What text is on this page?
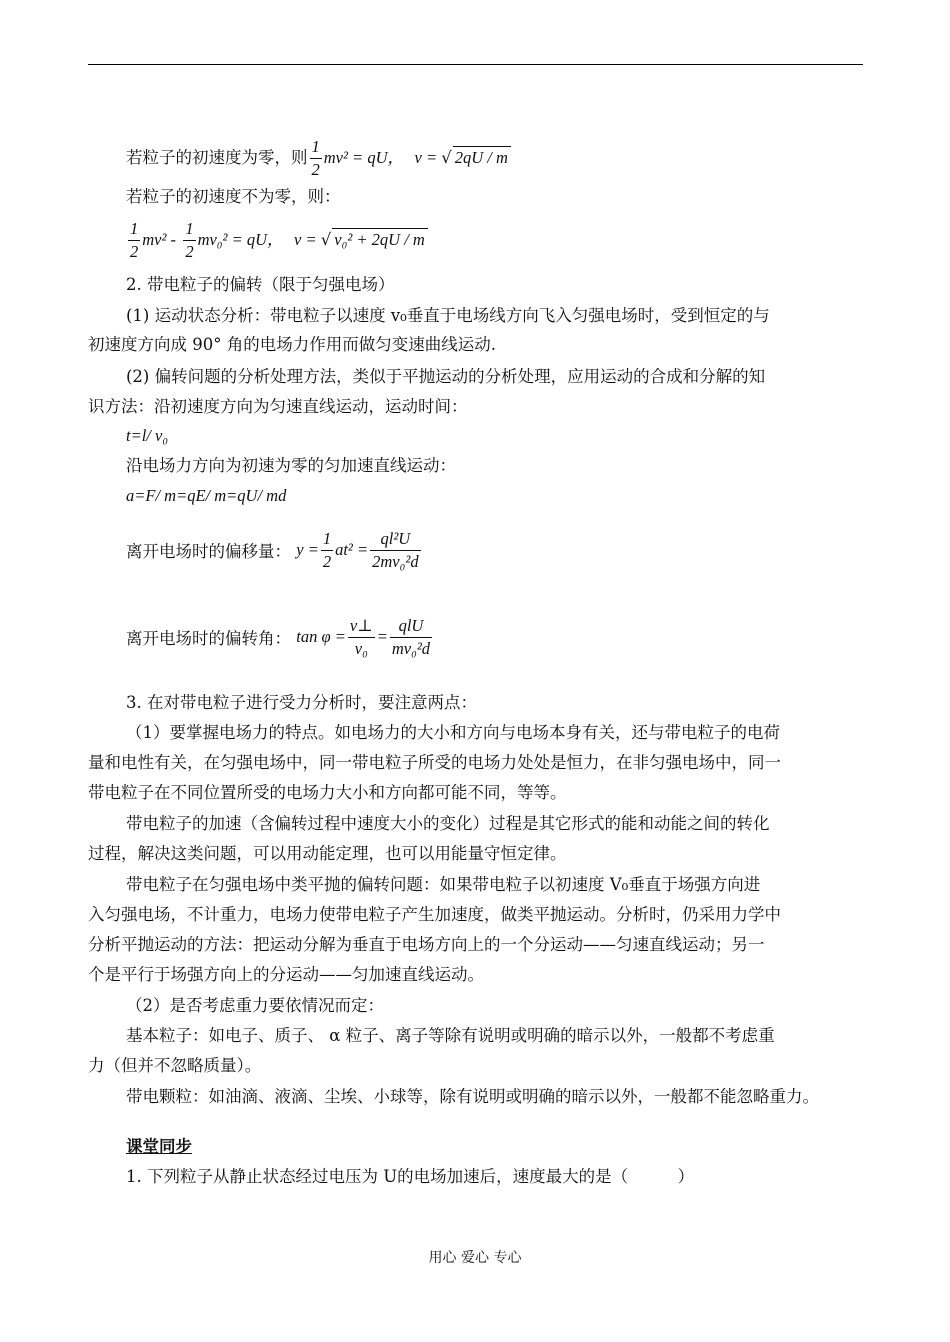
若粒子的初速度为零，则 $\frac{1}{2} mv^2$ = qU， v = √ 2qU / m
若粒子的初速度不为零，则：
$\frac{1}{2} mv^2 - \frac{1}{2} mv_0^2$ = qU， v = √ v₀² + 2qU / m
2. 带电粒子的偏转（限于匀强电场）
(1) 运动状态分析：带电粒子以速度 v₀垂直于电场线方向飞入匀强电场时，受到恒定的与
初速度方向成 90° 角的电场力作用而做匀变速曲线运动.
(2) 偏转问题的分析处理方法，类似于平抛运动的分析处理，应用运动的合成和分解的知
识方法：沿初速度方向为匀速直线运动，运动时间：
t=l/ v₀
沿电场力方向为初速为零的匀加速直线运动：
a=F/ m=qE/ m=qU/ md
离开电场时的偏移量： $y = \frac{1}{2} at^2 = \frac{\text{ql²U}}{\text{2mv₀²d}}$
离开电场时的偏转角： $\tan \varphi = \frac{v\perp}{\text{v₀}} = \frac{\text{qlU}}{\text{mv₀²d}}$
3. 在对带电粒子进行受力分析时，要注意两点：
（1）要掌握电场力的特点。如电场力的大小和方向与电场本身有关，还与带电粒子的电荷
量和电性有关，在匀强电场中，同一带电粒子所受的电场力处处是恒力，在非匀强电场中，同一
带电粒子在不同位置所受的电场力大小和方向都可能不同，等等。
带电粒子的加速（含偏转过程中速度大小的变化）过程是其它形式的能和动能之间的转化
过程，解决这类问题，可以用动能定理，也可以用能量守恒定律。
带电粒子在匀强电场中类平抛的偏转问题：如果带电粒子以初速度 V₀垂直于场强方向进
入匀强电场，不计重力，电场力使带电粒子产生加速度，做类平抛运动。分析时，仍采用力学中
分析平抛运动的方法：把运动分解为垂直于电场方向上的一个分运动——匀速直线运动；另一
个是平行于场强方向上的分运动——匀加速直线运动。
（2）是否考虑重力要依情况而定：
基本粒子：如电子、质子、 α 粒子、离子等除有说明或明确的暗示以外，一般都不考虑重
力（但并不忽略质量）。
带电颗粒：如油滴、液滴、尘埃、小球等，除有说明或明确的暗示以外，一般都不能忽略重力。
课堂同步
1. 下列粒子从静止状态经过电压为 U的电场加速后，速度最大的是（　　　）
用心 爱心 专心
